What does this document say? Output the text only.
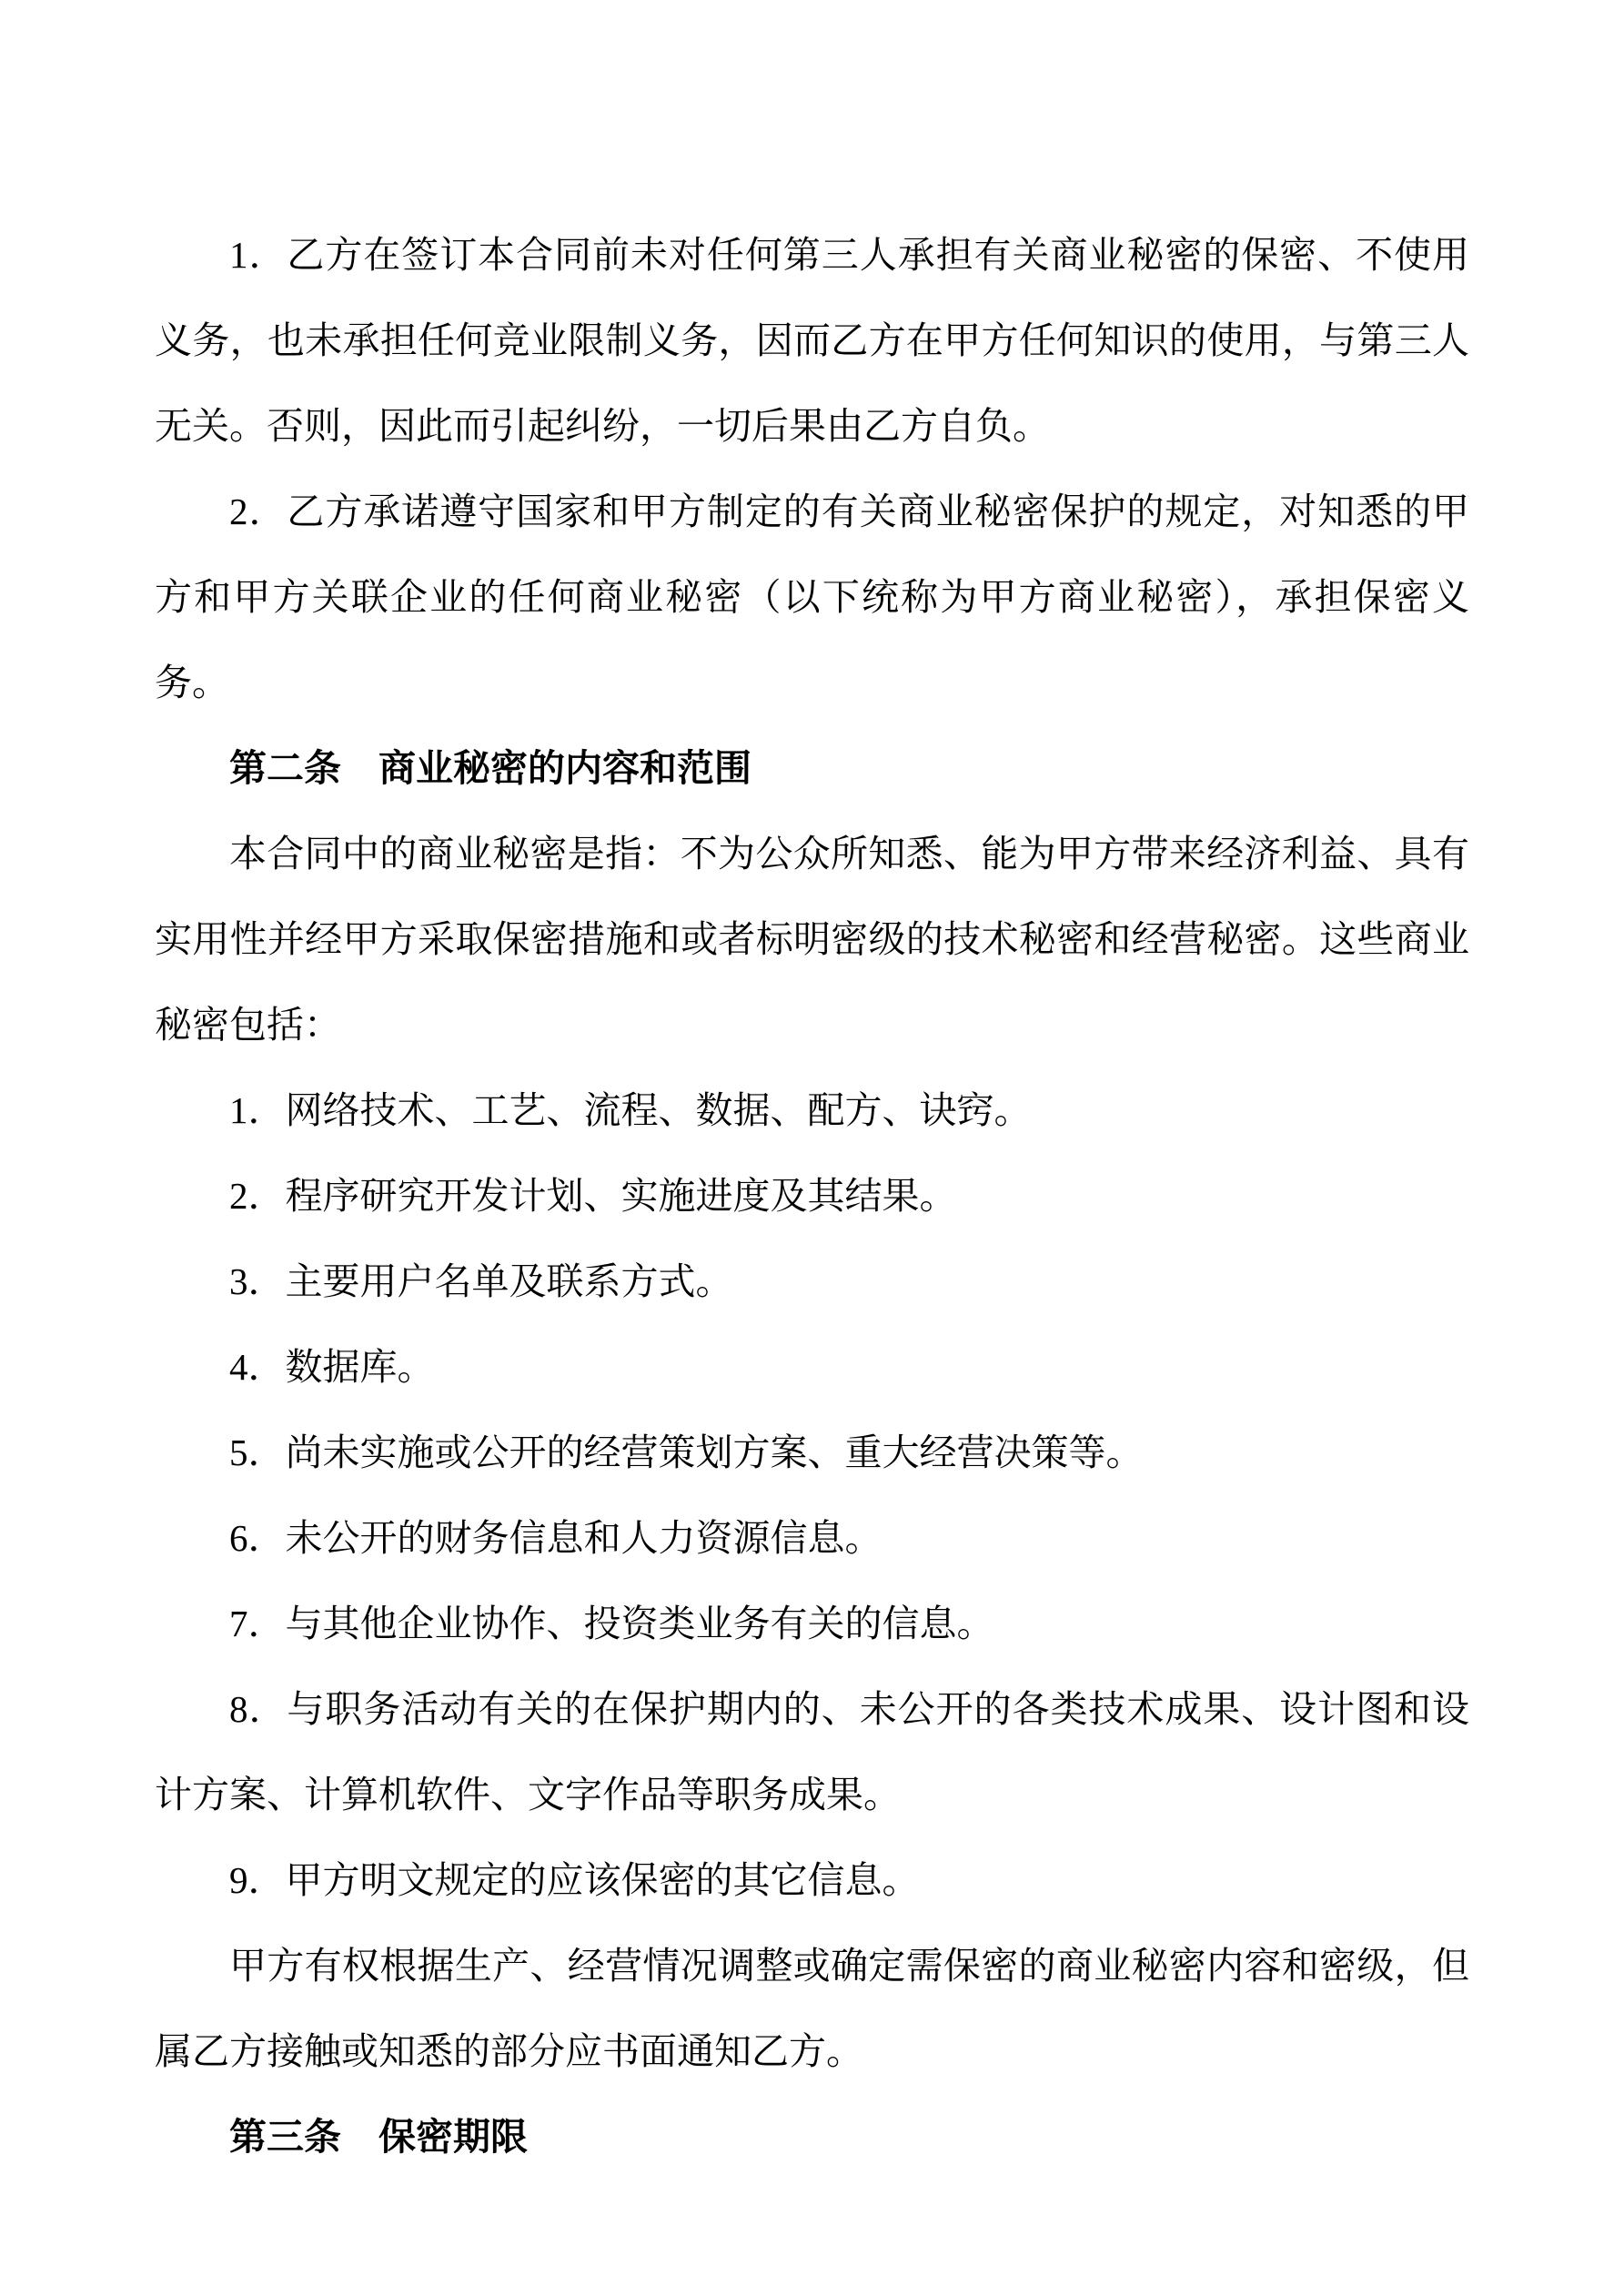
1．乙方在签订本合同前未对任何第三人承担有关商业秘密的保密、不使用义务，也未承担任何竞业限制义务，因而乙方在甲方任何知识的使用，与第三人无关。否则，因此而引起纠纷，一切后果由乙方自负。

2．乙方承诺遵守国家和甲方制定的有关商业秘密保护的规定，对知悉的甲方和甲方关联企业的任何商业秘密（以下统称为甲方商业秘密），承担保密义务。

第二条　商业秘密的内容和范围

本合同中的商业秘密是指：不为公众所知悉、能为甲方带来经济利益、具有实用性并经甲方采取保密措施和或者标明密级的技术秘密和经营秘密。这些商业秘密包括：

1．网络技术、工艺、流程、数据、配方、诀窍。

2．程序研究开发计划、实施进度及其结果。

3．主要用户名单及联系方式。

4．数据库。

5．尚未实施或公开的经营策划方案、重大经营决策等。

6．未公开的财务信息和人力资源信息。

7．与其他企业协作、投资类业务有关的信息。

8．与职务活动有关的在保护期内的、未公开的各类技术成果、设计图和设计方案、计算机软件、文字作品等职务成果。

9．甲方明文规定的应该保密的其它信息。

甲方有权根据生产、经营情况调整或确定需保密的商业秘密内容和密级，但属乙方接触或知悉的部分应书面通知乙方。

第三条　保密期限
